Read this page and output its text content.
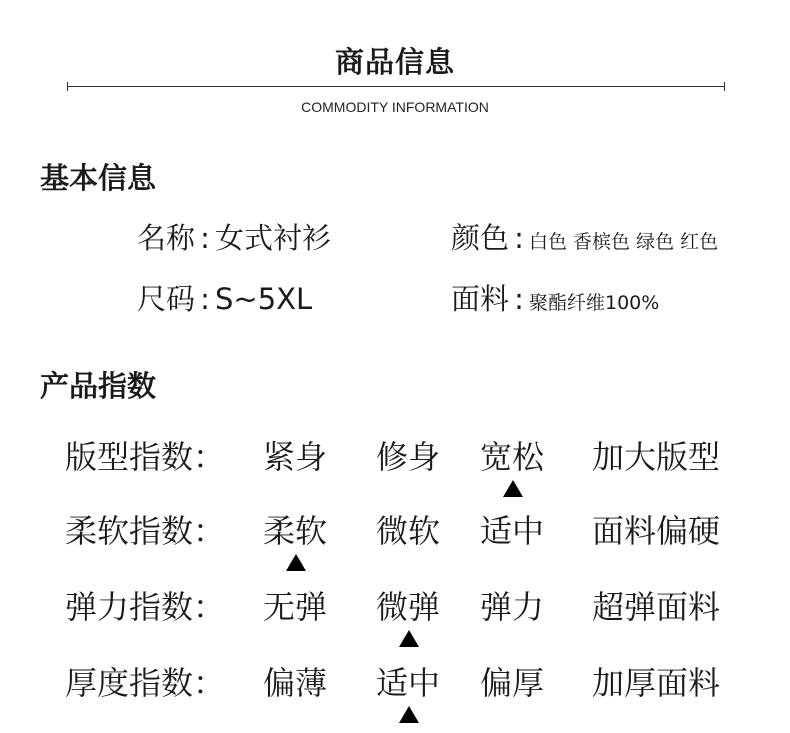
商品信息
COMMODITY INFORMATION
基本信息
名称 : 女式衬衫	颜色 : 白色 香槟色 绿色 红色
尺码 : S~5XL	面料 : 聚酯纤维100%
产品指数
版型指数： 紧身 修身 宽松 加大版型
柔软指数： 柔软 微软 适中 面料偏硬
弹力指数： 无弹 微弹 弹力 超弹面料
厚度指数： 偏薄 适中 偏厚 加厚面料
